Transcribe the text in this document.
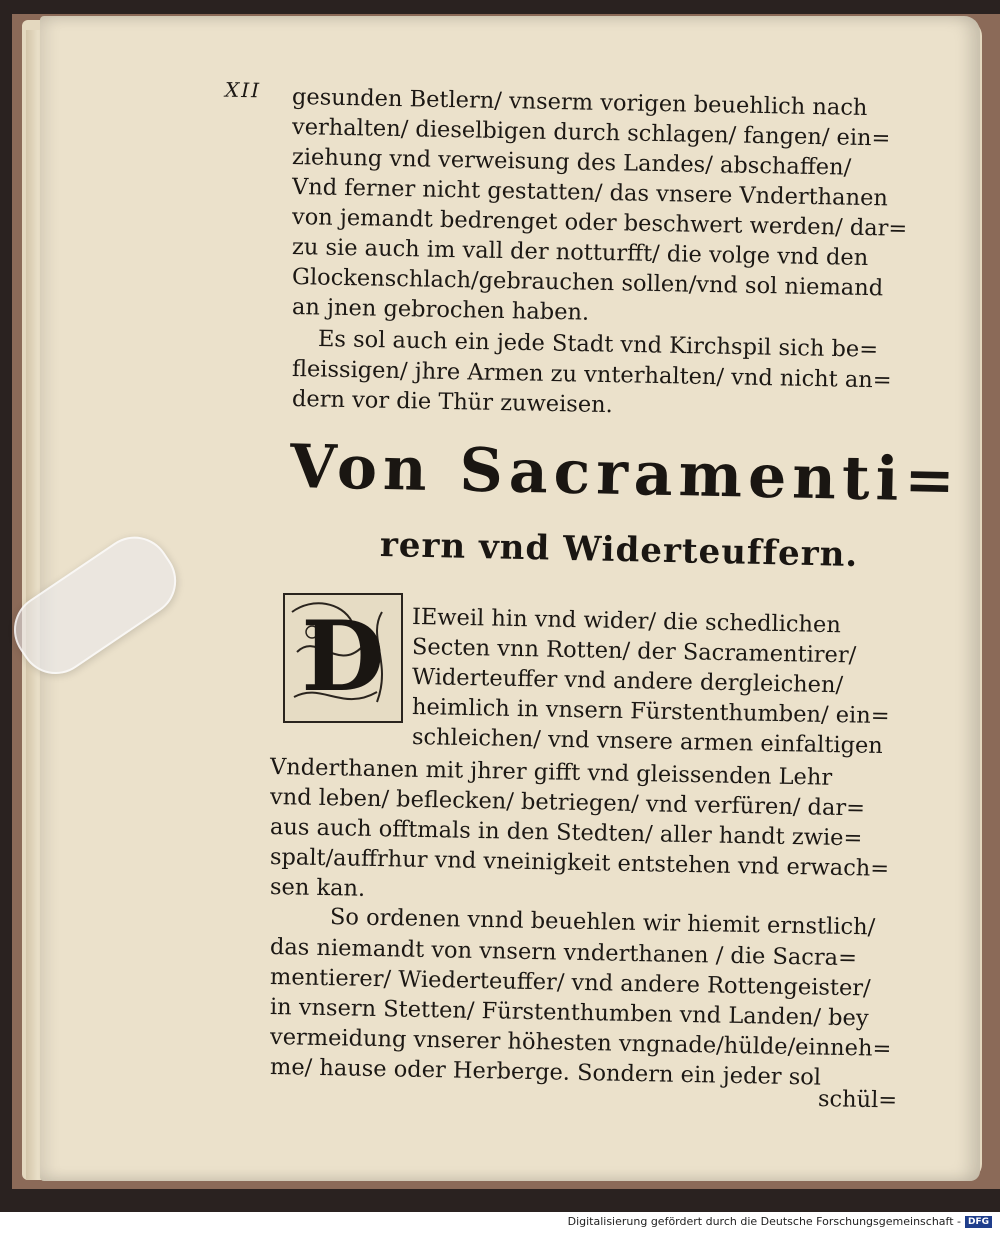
XII gesunden Betlern/ vnserm vorigen beuehlich nach
verhalten/ dieselbigen durch schlagen/ fangen/ ein=
ziehung vnd verweisung des Landes/ abschaffen/
Vnd ferner nicht gestatten/ das vnsere Vnderthanen
von jemandt bedrenget oder beschwert werden/ dar=
zu sie auch im vall der notturfft/ die volge vnd den
Glockenschlach/gebrauchen sollen/vnd sol niemand
an jnen gebrochen haben.
Es sol auch ein jede Stadt vnd Kirchspil sich be=
fleissigen/ jhre Armen zu vnterhalten/ vnd nicht an=
dern vor die Thür zuweisen.
Von Sacramenti=
rern vnd Widerteuffern.
D IEweil hin vnd wider/ die schedlichen
Secten vnn Rotten/ der Sacramentirer/
Widerteuffer vnd andere dergleichen/
heimlich in vnsern Fürstenthumben/ ein=
schleichen/ vnd vnsere armen einfaltigen
Vnderthanen mit jhrer gifft vnd gleissenden Lehr
vnd leben/ beflecken/ betriegen/ vnd verfüren/ dar=
aus auch offtmals in den Stedten/ aller handt zwie=
spalt/auffrhur vnd vneinigkeit entstehen vnd erwach=
sen kan.
So ordenen vnnd beuehlen wir hiemit ernstlich/
das niemandt von vnsern vnderthanen / die Sacra=
mentierer/ Wiederteuffer/ vnd andere Rottengeister/
in vnsern Stetten/ Fürstenthumben vnd Landen/ bey
vermeidung vnserer höhesten vngnade/hülde/einneh=
me/ hause oder Herberge. Sondern ein jeder sol
schül=
Digitalisierung gefördert durch die Deutsche Forschungsgemeinschaft - DFG
